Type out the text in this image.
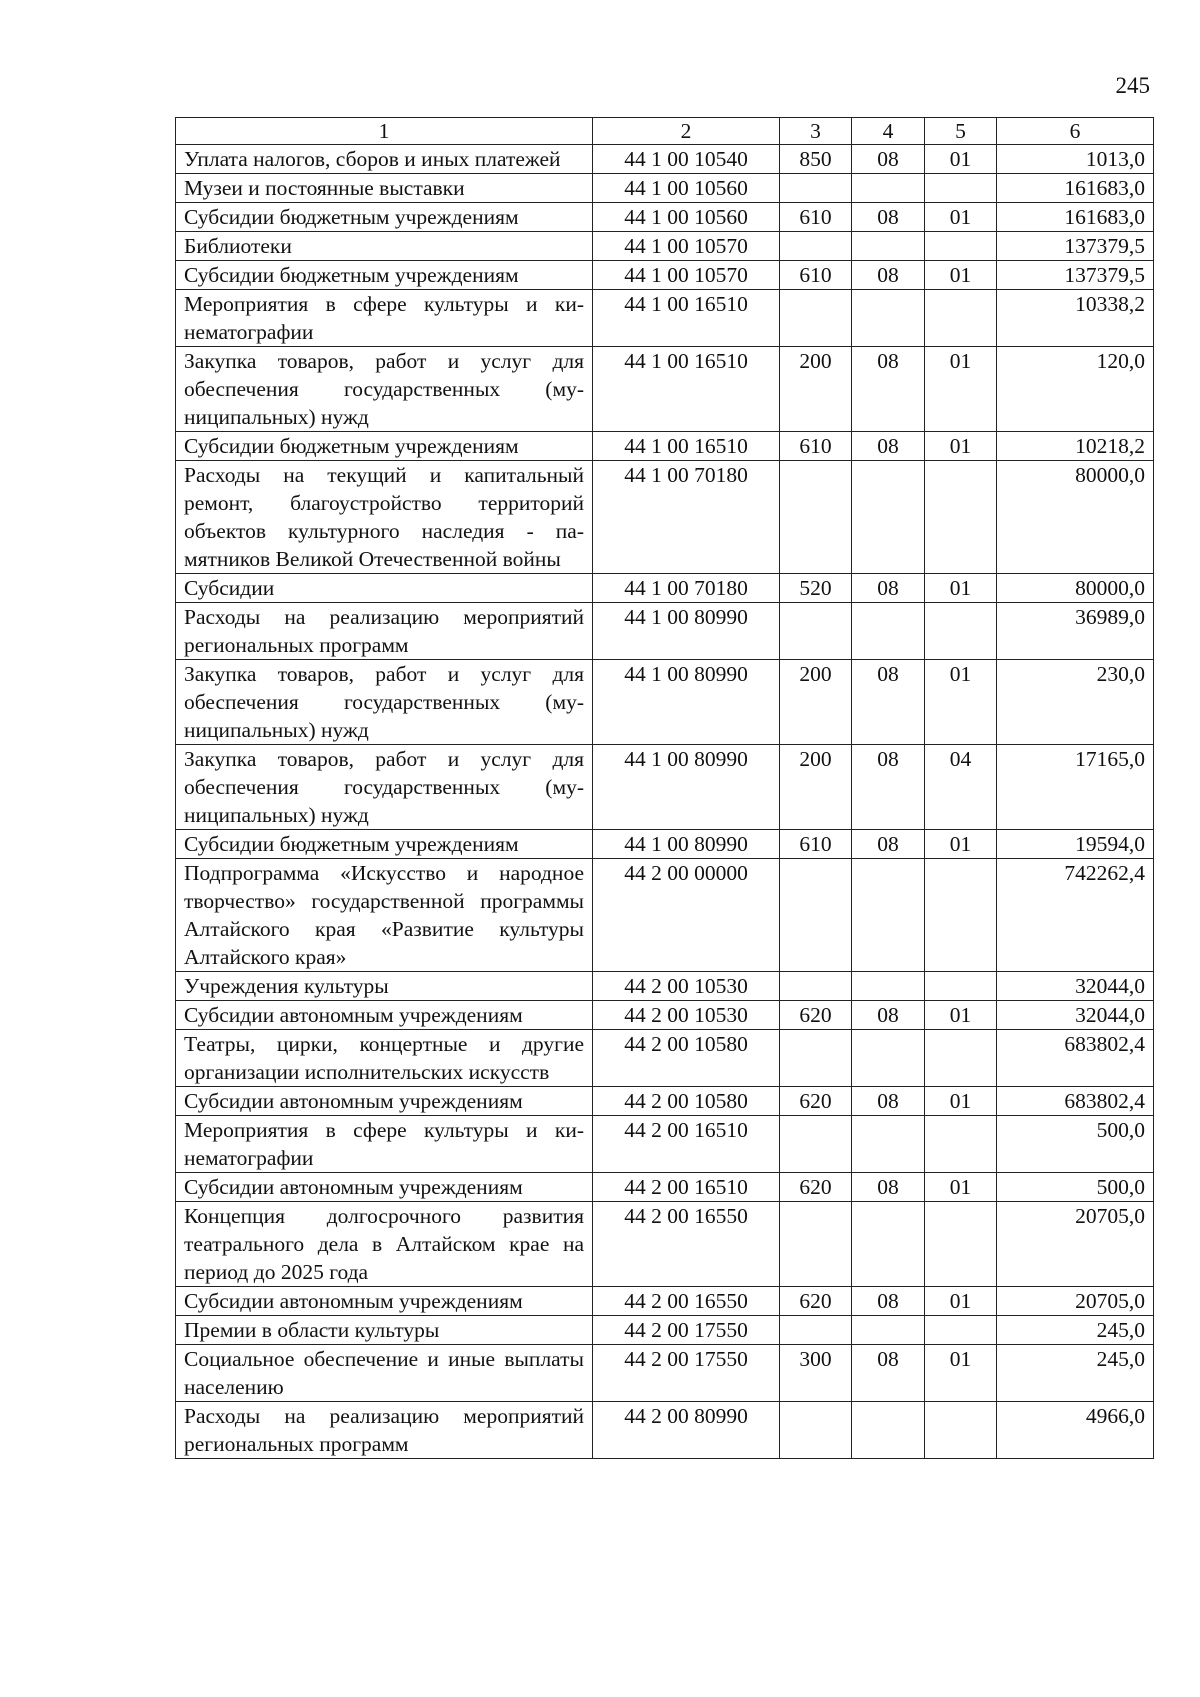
245
1	2	3	4	5	6
Уплата налогов, сборов и иных платежей	44 1 00 10540	850	08	01	1013,0
Музеи и постоянные выставки	44 1 00 10560				161683,0
Субсидии бюджетным учреждениям	44 1 00 10560	610	08	01	161683,0
Библиотеки	44 1 00 10570				137379,5
Субсидии бюджетным учреждениям	44 1 00 10570	610	08	01	137379,5
Мероприятия в сфере культуры и кинематографии	44 1 00 16510				10338,2
Закупка товаров, работ и услуг для обеспечения государственных (муниципальных) нужд	44 1 00 16510	200	08	01	120,0
Субсидии бюджетным учреждениям	44 1 00 16510	610	08	01	10218,2
Расходы на текущий и капитальный ремонт, благоустройство территорий объектов культурного наследия - памятников Великой Отечественной войны	44 1 00 70180				80000,0
Субсидии	44 1 00 70180	520	08	01	80000,0
Расходы на реализацию мероприятий региональных программ	44 1 00 80990				36989,0
Закупка товаров, работ и услуг для обеспечения государственных (муниципальных) нужд	44 1 00 80990	200	08	01	230,0
Закупка товаров, работ и услуг для обеспечения государственных (муниципальных) нужд	44 1 00 80990	200	08	04	17165,0
Субсидии бюджетным учреждениям	44 1 00 80990	610	08	01	19594,0
Подпрограмма «Искусство и народное творчество» государственной программы Алтайского края «Развитие культуры Алтайского края»	44 2 00 00000				742262,4
Учреждения культуры	44 2 00 10530				32044,0
Субсидии автономным учреждениям	44 2 00 10530	620	08	01	32044,0
Театры, цирки, концертные и другие организации исполнительских искусств	44 2 00 10580				683802,4
Субсидии автономным учреждениям	44 2 00 10580	620	08	01	683802,4
Мероприятия в сфере культуры и кинематографии	44 2 00 16510				500,0
Субсидии автономным учреждениям	44 2 00 16510	620	08	01	500,0
Концепция долгосрочного развития театрального дела в Алтайском крае на период до 2025 года	44 2 00 16550				20705,0
Субсидии автономным учреждениям	44 2 00 16550	620	08	01	20705,0
Премии в области культуры	44 2 00 17550				245,0
Социальное обеспечение и иные выплаты населению	44 2 00 17550	300	08	01	245,0
Расходы на реализацию мероприятий региональных программ	44 2 00 80990				4966,0
